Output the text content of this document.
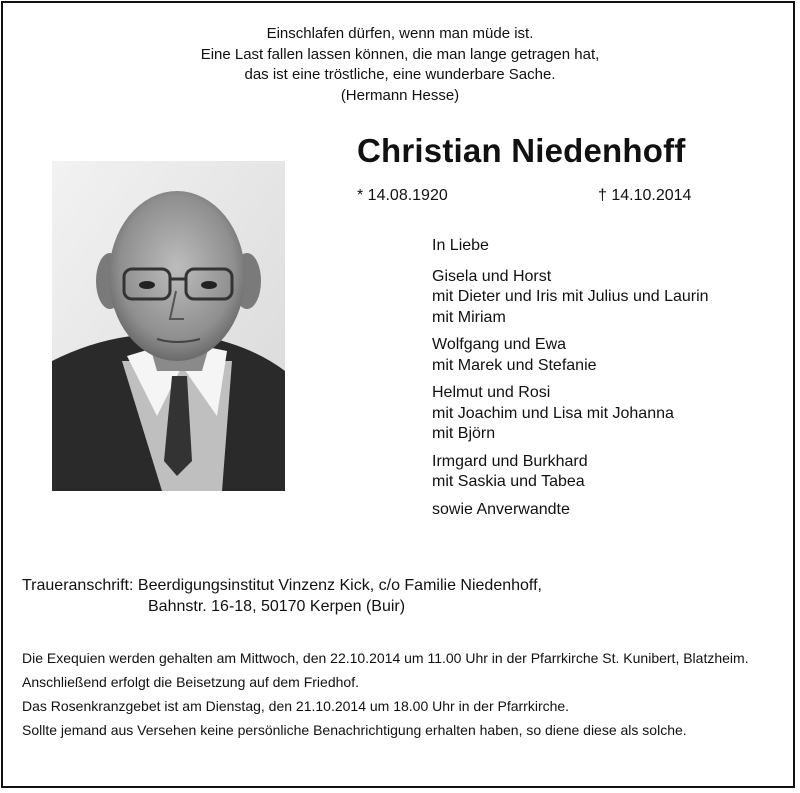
Einschlafen dürfen, wenn man müde ist.
Eine Last fallen lassen können, die man lange getragen hat,
das ist eine tröstliche, eine wunderbare Sache.
(Hermann Hesse)
Christian Niedenhoff
* 14.08.1920	† 14.10.2014
In Liebe
Gisela und Horst
mit Dieter und Iris mit Julius und Laurin
mit Miriam
Wolfgang und Ewa
mit Marek und Stefanie
Helmut und Rosi
mit Joachim und Lisa mit Johanna
mit Björn
Irmgard und Burkhard
mit Saskia und Tabea
sowie Anverwandte
Traueranschrift: Beerdigungsinstitut Vinzenz Kick, c/o Familie Niedenhoff,
Bahnstr. 16-18, 50170 Kerpen (Buir)

Die Exequien werden gehalten am Mittwoch, den 22.10.2014 um 11.00 Uhr in der Pfarrkirche St. Kunibert, Blatzheim.

Anschließend erfolgt die Beisetzung auf dem Friedhof.

Das Rosenkranzgebet ist am Dienstag, den 21.10.2014 um 18.00 Uhr in der Pfarrkirche.

Sollte jemand aus Versehen keine persönliche Benachrichtigung erhalten haben, so diene diese als solche.
